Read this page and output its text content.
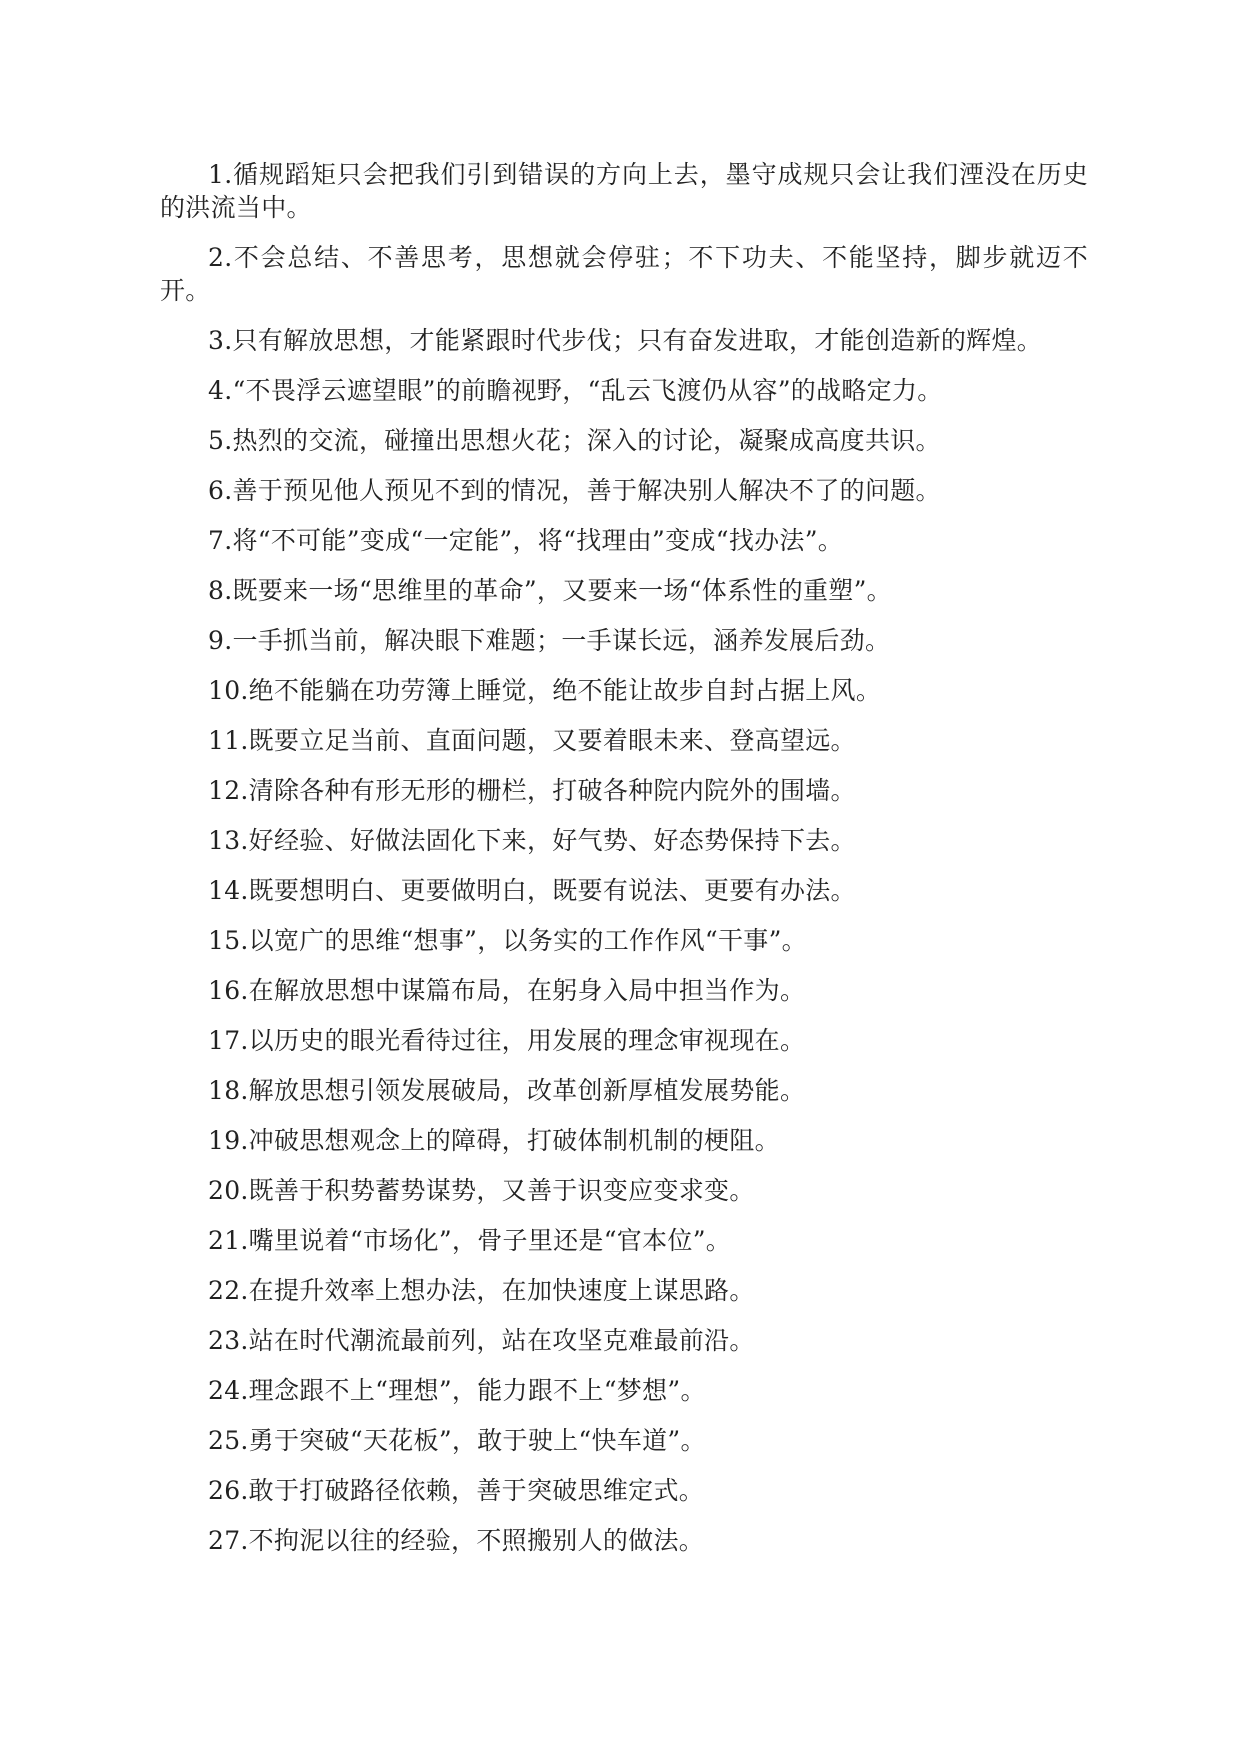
1.循规蹈矩只会把我们引到错误的方向上去，墨守成规只会让我们湮没在历史的洪流当中。

2.不会总结、不善思考，思想就会停驻；不下功夫、不能坚持，脚步就迈不开。

3.只有解放思想，才能紧跟时代步伐；只有奋发进取，才能创造新的辉煌。

4.“不畏浮云遮望眼”的前瞻视野，“乱云飞渡仍从容”的战略定力。

5.热烈的交流，碰撞出思想火花；深入的讨论，凝聚成高度共识。

6.善于预见他人预见不到的情况，善于解决别人解决不了的问题。

7.将“不可能”变成“一定能”，将“找理由”变成“找办法”。

8.既要来一场“思维里的革命”，又要来一场“体系性的重塑”。

9.一手抓当前，解决眼下难题；一手谋长远，涵养发展后劲。

10.绝不能躺在功劳簿上睡觉，绝不能让故步自封占据上风。

11.既要立足当前、直面问题，又要着眼未来、登高望远。

12.清除各种有形无形的栅栏，打破各种院内院外的围墙。

13.好经验、好做法固化下来，好气势、好态势保持下去。

14.既要想明白、更要做明白，既要有说法、更要有办法。

15.以宽广的思维“想事”，以务实的工作作风“干事”。

16.在解放思想中谋篇布局，在躬身入局中担当作为。

17.以历史的眼光看待过往，用发展的理念审视现在。

18.解放思想引领发展破局，改革创新厚植发展势能。

19.冲破思想观念上的障碍，打破体制机制的梗阻。

20.既善于积势蓄势谋势，又善于识变应变求变。

21.嘴里说着“市场化”，骨子里还是“官本位”。

22.在提升效率上想办法，在加快速度上谋思路。

23.站在时代潮流最前列，站在攻坚克难最前沿。

24.理念跟不上“理想”，能力跟不上“梦想”。

25.勇于突破“天花板”，敢于驶上“快车道”。

26.敢于打破路径依赖，善于突破思维定式。

27.不拘泥以往的经验，不照搬别人的做法。
